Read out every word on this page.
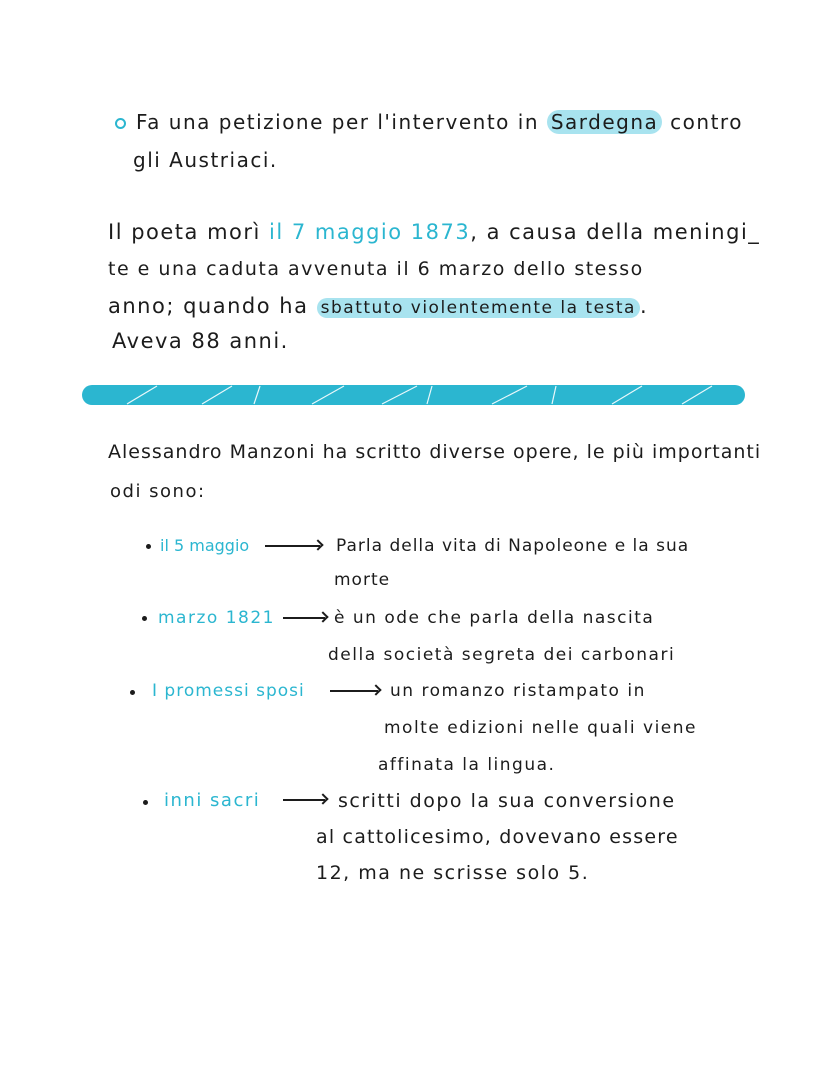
Fa una petizione per l'intervento in Sardegna contro
gli Austriaci.
Il poeta morì il 7 maggio 1873, a causa della meningi_
te e una caduta avvenuta il 6 marzo dello stesso
anno; quando ha sbattuto violentemente la testa .
Aveva 88 anni.
Alessandro Manzoni ha scritto diverse opere, le più importanti
odi sono:
il 5 maggio	Parla della vita di Napoleone e la sua
morte
marzo 1821	è un ode che parla della nascita
della società segreta dei carbonari
I promessi sposi	un romanzo ristampato in
molte edizioni nelle quali viene
affinata la lingua.
inni sacri	scritti dopo la sua conversione
al cattolicesimo, dovevano essere
12, ma ne scrisse solo 5.
